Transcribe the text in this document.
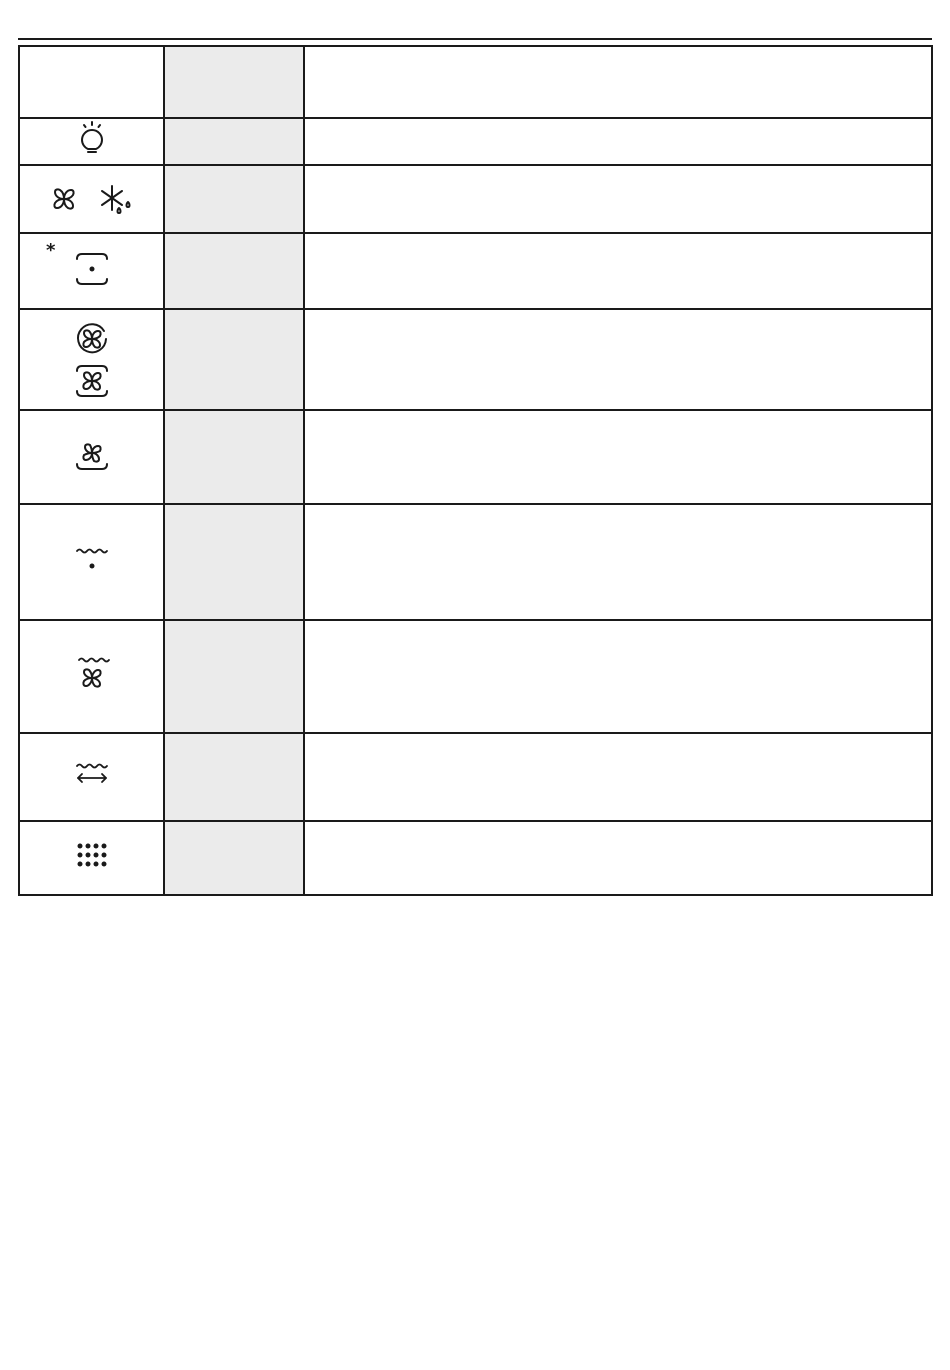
*		
